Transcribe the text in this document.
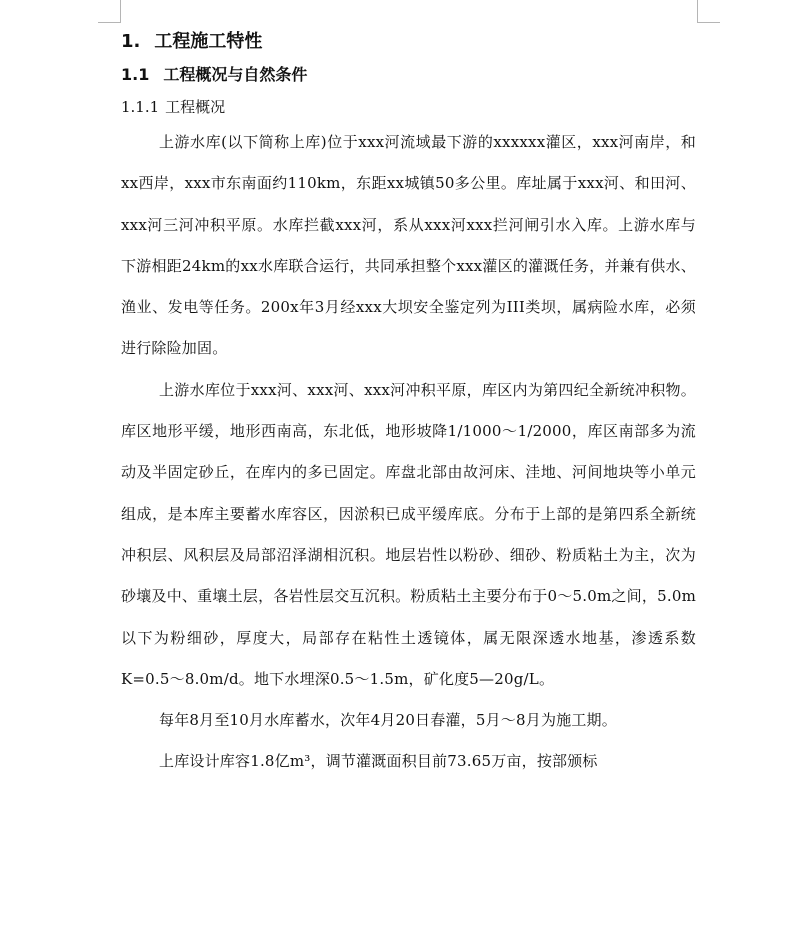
1. 工程施工特性
1.1 工程概况与自然条件
1.1.1 工程概况

上游水库(以下简称上库)位于xxx河流域最下游的xxxxxx灌区，xxx河南岸，和xx西岸，xxx市东南面约110km，东距xx城镇50多公里。库址属于xxx河、和田河、xxx河三河冲积平原。水库拦截xxx河，系从xxx河xxx拦河闸引水入库。上游水库与下游相距24km的xx水库联合运行，共同承担整个xxx灌区的灌溉任务，并兼有供水、渔业、发电等任务。200x年3月经xxx大坝安全鉴定列为III类坝，属病险水库，必须进行除险加固。

上游水库位于xxx河、xxx河、xxx河冲积平原，库区内为第四纪全新统冲积物。库区地形平缓，地形西南高，东北低，地形坡降1/1000～1/2000，库区南部多为流动及半固定砂丘，在库内的多已固定。库盘北部由故河床、洼地、河间地块等小单元组成，是本库主要蓄水库容区，因淤积已成平缓库底。分布于上部的是第四系全新统冲积层、风积层及局部沼泽湖相沉积。地层岩性以粉砂、细砂、粉质粘土为主，次为砂壤及中、重壤土层，各岩性层交互沉积。粉质粘土主要分布于0～5.0m之间，5.0m以下为粉细砂，厚度大，局部存在粘性土透镜体，属无限深透水地基，渗透系数K=0.5～8.0m/d。地下水埋深0.5～1.5m，矿化度5—20g/L。

每年8月至10月水库蓄水，次年4月20日春灌，5月～8月为施工期。

上库设计库容1.8亿m³，调节灌溉面积目前73.65万亩，按部颁标
